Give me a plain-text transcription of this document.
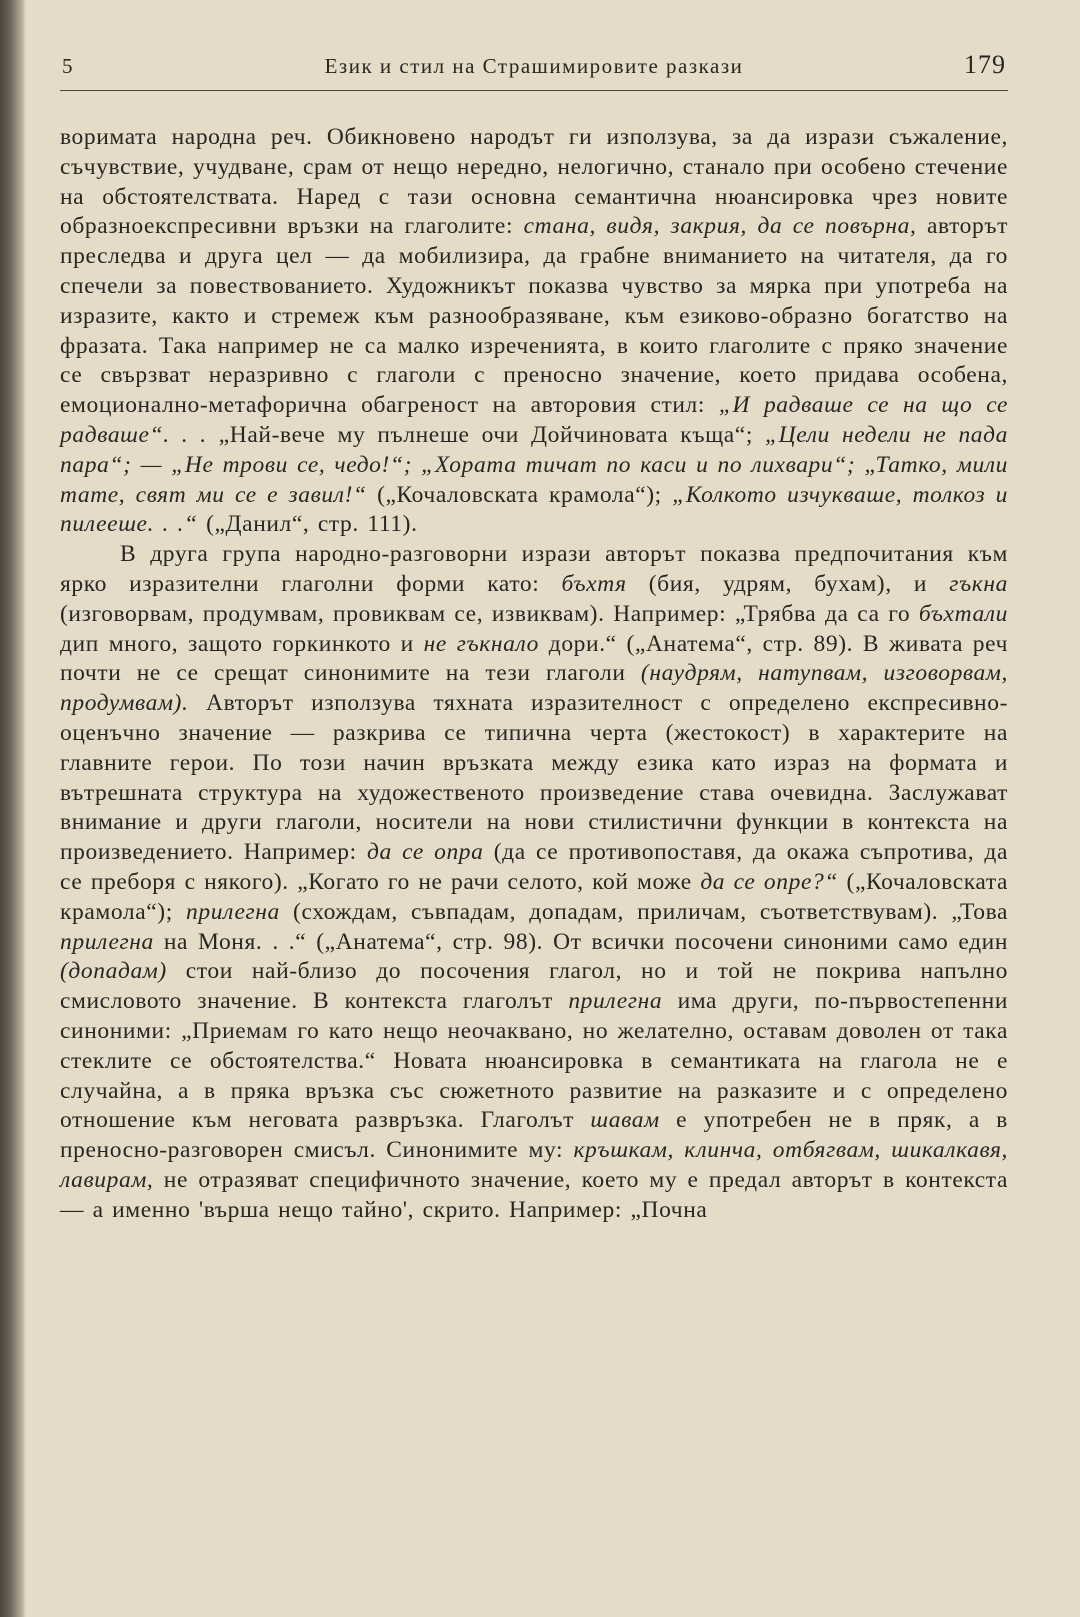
5	Език и стил на Страшимировите разкази	179

воримата народна реч. Обикновено народът ги използува, за да изрази съжаление, съчувствие, учудване, срам от нещо нередно, нелогично, станало при особено стечение на обстоятелствата. Наред с тази основна семантична нюансировка чрез новите образноекспресивни връзки на глаголите: стана, видя, закрия, да се повърна, авторът преследва и друга цел — да мобилизира, да грабне вниманието на читателя, да го спечели за повествованието. Художникът показва чувство за мярка при употреба на изразите, както и стремеж към разнообразяване, към езиково-образно богатство на фразата. Така например не са малко изреченията, в които глаголите с пряко значение се свързват неразривно с глаголи с преносно значение, което придава особена, емоционално-метафорична обагреност на авторовия стил: „И радваше се на що се радваше“. . . „Най-вече му пълнеше очи Дойчиновата къща“; „Цели недели не пада пара“; — „Не трови се, чедо!“; „Хората тичат по каси и по лихвари“; „Татко, мили тате, свят ми се е завил!“ („Кочаловската крамола“); „Колкото изчукваше, толкоз и пилееше. . .“ („Данил“, стр. 111).

В друга група народно-разговорни изрази авторът показва предпочитания към ярко изразителни глаголни форми като: бъхтя (бия, удрям, бухам), и гъкна (изговорвам, продумвам, провиквам се, извиквам). Например: „Трябва да са го бъхтали дип много, защото горкинкото и не гъкнало дори.“ („Анатема“, стр. 89). В живата реч почти не се срещат синонимите на тези глаголи (наудрям, натупвам, изговорвам, продумвам). Авторът използува тяхната изразителност с определено експресивно-оценъчно значение — разкрива се типична черта (жестокост) в характерите на главните герои. По този начин връзката между езика като израз на формата и вътрешната структура на художественото произведение става очевидна. Заслужават внимание и други глаголи, носители на нови стилистични функции в контекста на произведението. Например: да се опра (да се противопоставя, да окажа съпротива, да се преборя с някого). „Когато го не рачи селото, кой може да се опре?“ („Кочаловската крамола“); прилегна (схождам, съвпадам, допадам, приличам, съответствувам). „Това прилегна на Моня. . .“ („Анатема“, стр. 98). От всички посочени синоними само един (допадам) стои най-близо до посочения глагол, но и той не покрива напълно смисловото значение. В контекста глаголът прилегна има други, по-първостепенни синоними: „Приемам го като нещо неочаквано, но желателно, оставам доволен от така стеклите се обстоятелства.“ Новата нюансировка в семантиката на глагола не е случайна, а в пряка връзка със сюжетното развитие на разказите и с определено отношение към неговата развръзка. Глаголът шавам е употребен не в пряк, а в преносно-разговорен смисъл. Синонимите му: кръшкам, клинча, отбягвам, шикалкавя, лавирам, не отразяват специфичното значение, което му е предал авторът в контекста — а именно 'върша нещо тайно', скрито. Например: „Почна
